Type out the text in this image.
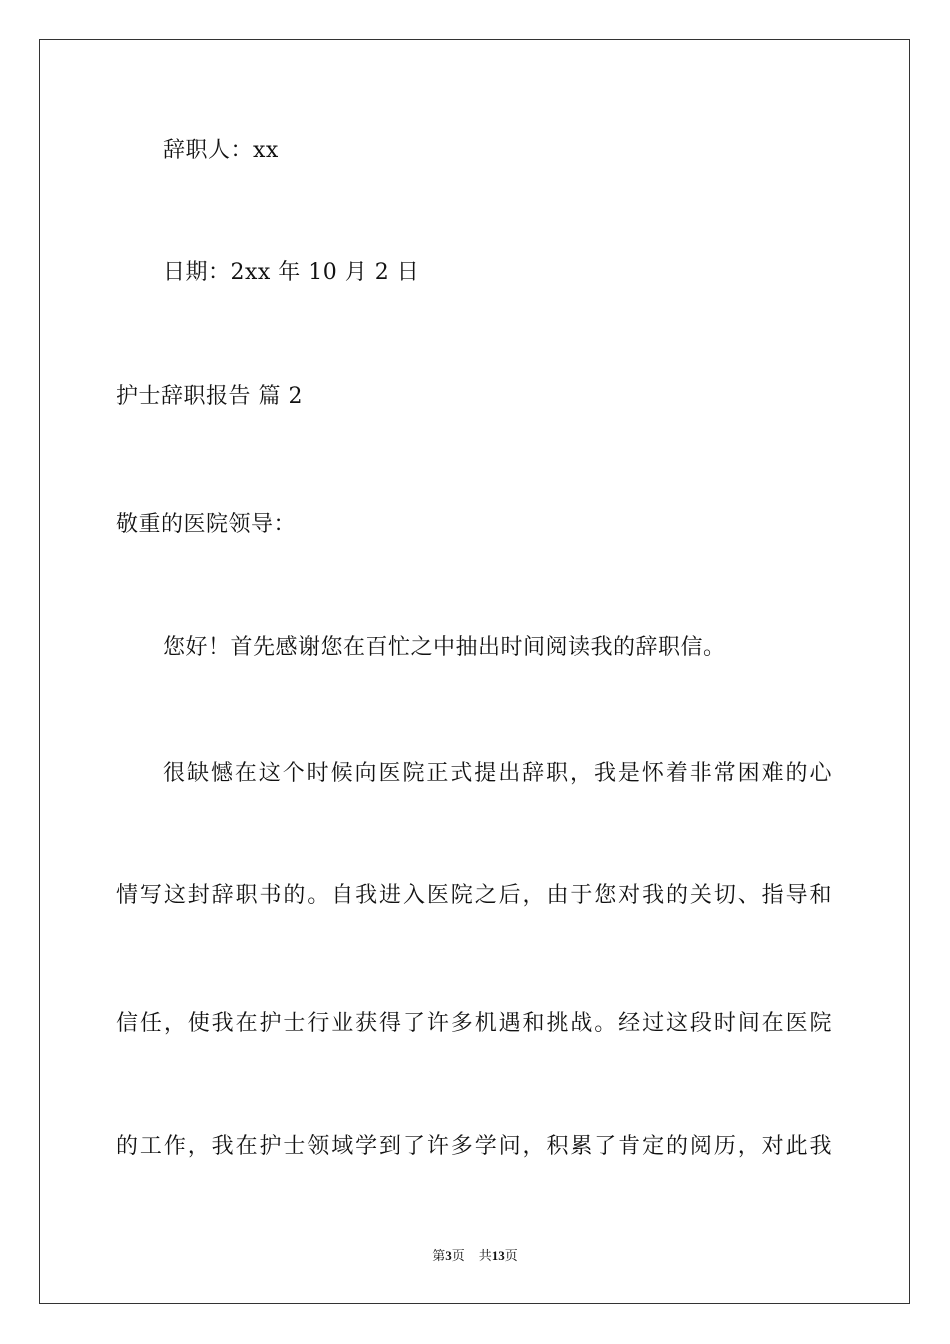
辞职人：xx
日期：2xx 年 10 月 2 日
护士辞职报告 篇 2
敬重的医院领导：
您好！首先感谢您在百忙之中抽出时间阅读我的辞职信。
很缺憾在这个时候向医院正式提出辞职，我是怀着非常困难的心
情写这封辞职书的。自我进入医院之后，由于您对我的关切、指导和
信任，使我在护士行业获得了许多机遇和挑战。经过这段时间在医院
的工作，我在护士领域学到了许多学问，积累了肯定的阅历，对此我
第3页 共13页
